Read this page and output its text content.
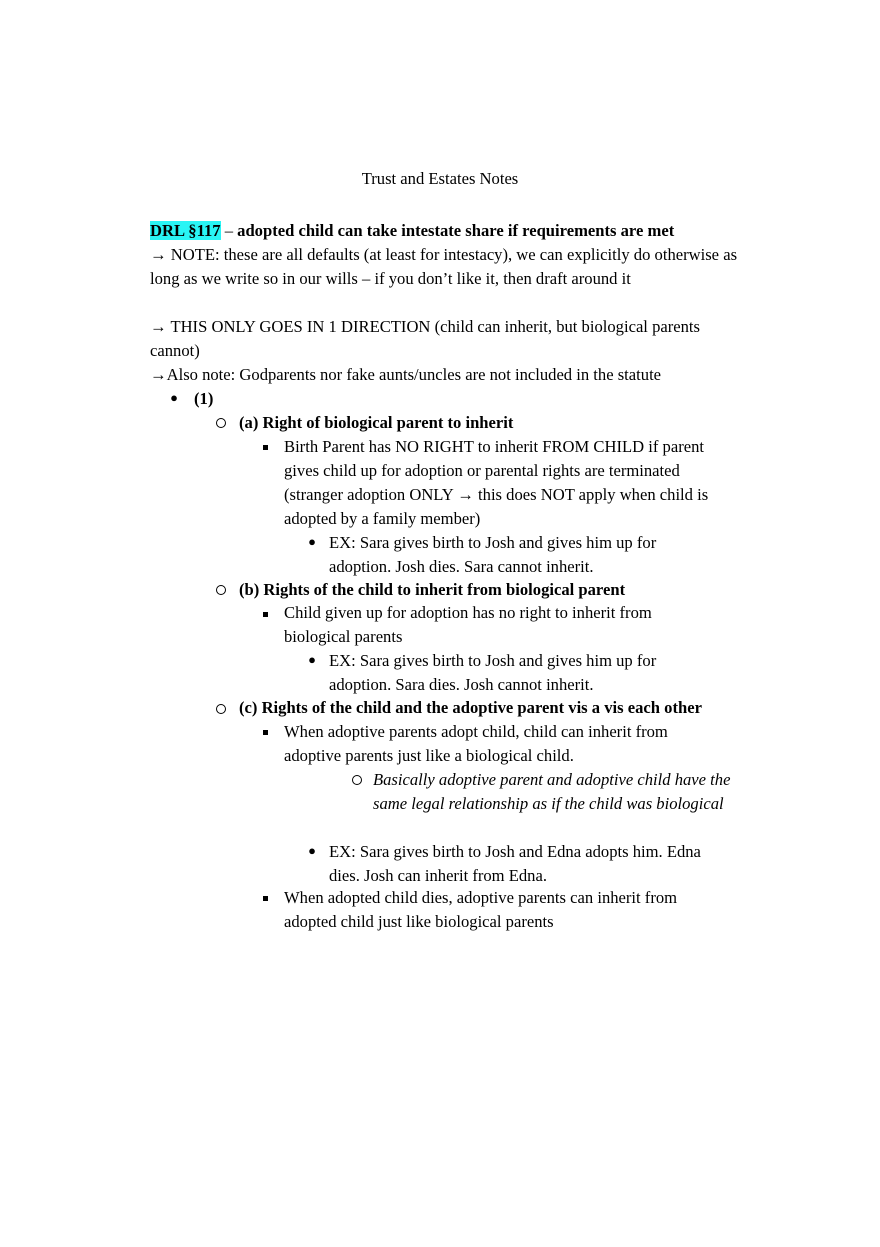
Trust and Estates Notes
DRL §117 – adopted child can take intestate share if requirements are met
→ NOTE: these are all defaults (at least for intestacy), we can explicitly do otherwise as long as we write so in our wills – if you don’t like it, then draft around it
→ THIS ONLY GOES IN 1 DIRECTION (child can inherit, but biological parents cannot)
→Also note: Godparents nor fake aunts/uncles are not included in the statute
● (1)
(a) Right of biological parent to inherit
Birth Parent has NO RIGHT to inherit FROM CHILD if parent gives child up for adoption or parental rights are terminated (stranger adoption ONLY → this does NOT apply when child is adopted by a family member)
● EX: Sara gives birth to Josh and gives him up for adoption. Josh dies. Sara cannot inherit.
(b) Rights of the child to inherit from biological parent
Child given up for adoption has no right to inherit from biological parents
● EX: Sara gives birth to Josh and gives him up for adoption. Sara dies. Josh cannot inherit.
(c) Rights of the child and the adoptive parent vis a vis each other
When adoptive parents adopt child, child can inherit from adoptive parents just like a biological child.
Basically adoptive parent and adoptive child have the same legal relationship as if the child was biological
● EX: Sara gives birth to Josh and Edna adopts him. Edna dies. Josh can inherit from Edna.
When adopted child dies, adoptive parents can inherit from adopted child just like biological parents
